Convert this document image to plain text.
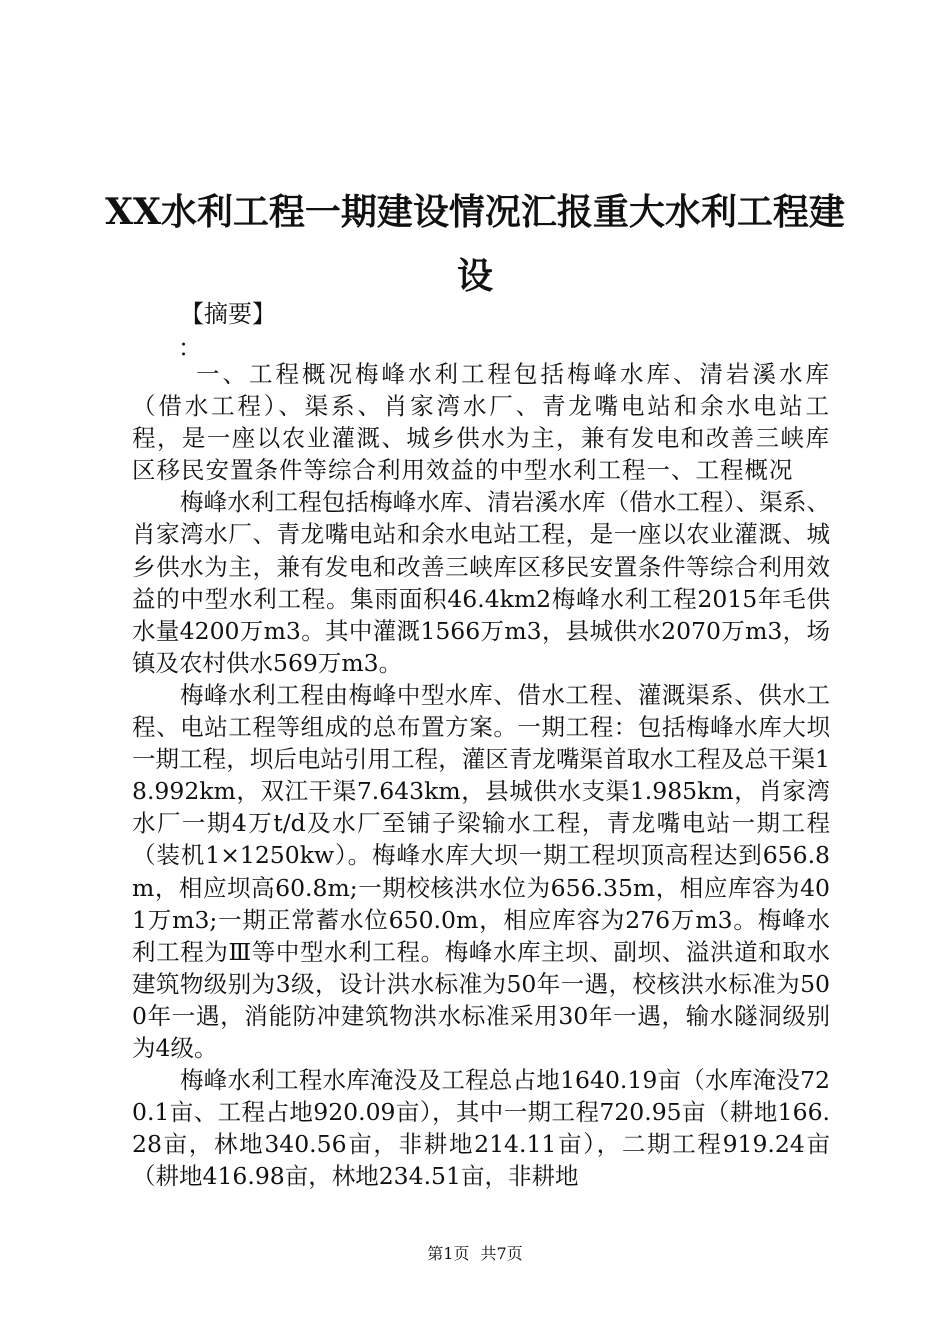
XX水利工程一期建设情况汇报重大水利工程建设
【摘要】
：

一、工程概况梅峰水利工程包括梅峰水库、清岩溪水库（借水工程）、渠系、肖家湾水厂、青龙嘴电站和余水电站工程，是一座以农业灌溉、城乡供水为主，兼有发电和改善三峡库区移民安置条件等综合利用效益的中型水利工程一、工程概况

梅峰水利工程包括梅峰水库、清岩溪水库（借水工程）、渠系、肖家湾水厂、青龙嘴电站和余水电站工程，是一座以农业灌溉、城乡供水为主，兼有发电和改善三峡库区移民安置条件等综合利用效益的中型水利工程。集雨面积46.4km2梅峰水利工程2015年毛供水量4200万m3。其中灌溉1566万m3，县城供水2070万m3，场镇及农村供水569万m3。

梅峰水利工程由梅峰中型水库、借水工程、灌溉渠系、供水工程、电站工程等组成的总布置方案。一期工程：包括梅峰水库大坝一期工程，坝后电站引用工程，灌区青龙嘴渠首取水工程及总干渠18.992km，双江干渠7.643km，县城供水支渠1.985km，肖家湾水厂一期4万t/d及水厂至铺子梁输水工程，青龙嘴电站一期工程（装机1×1250kw）。梅峰水库大坝一期工程坝顶高程达到656.8m，相应坝高60.8m;一期校核洪水位为656.35m，相应库容为401万m3;一期正常蓄水位650.0m，相应库容为276万m3。梅峰水利工程为Ⅲ等中型水利工程。梅峰水库主坝、副坝、溢洪道和取水建筑物级别为3级，设计洪水标准为50年一遇，校核洪水标准为500年一遇，消能防冲建筑物洪水标准采用30年一遇，输水隧洞级别为4级。

梅峰水利工程水库淹没及工程总占地1640.19亩（水库淹没720.1亩、工程占地920.09亩），其中一期工程720.95亩（耕地166.28亩，林地340.56亩，非耕地214.11亩），二期工程919.24亩（耕地416.98亩，林地234.51亩，非耕地

第1页 共7页
